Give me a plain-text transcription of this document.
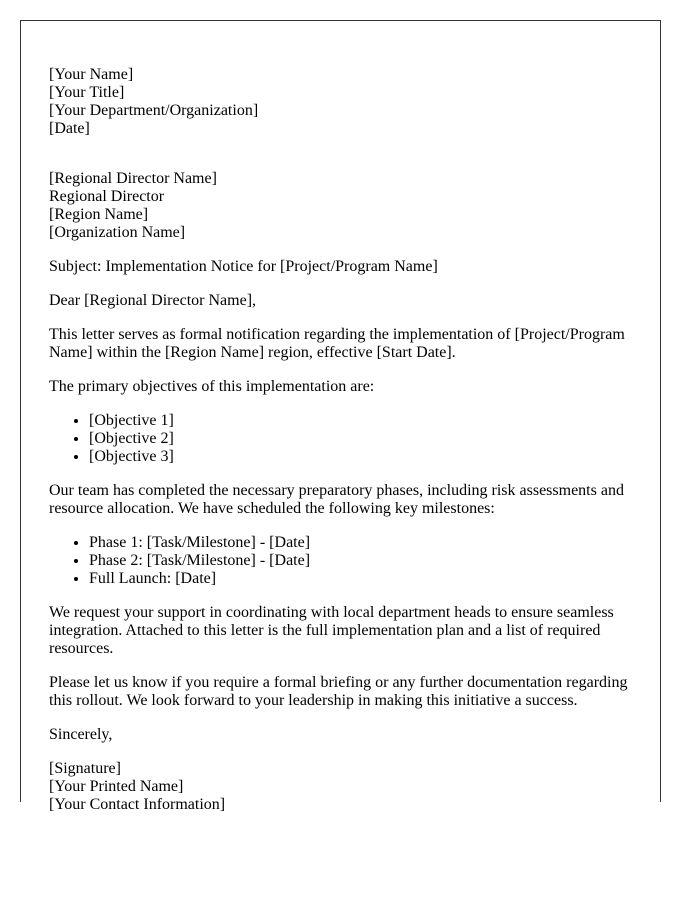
[Your Name]
[Your Title]
[Your Department/Organization]
[Date]

[Regional Director Name]
Regional Director
[Region Name]
[Organization Name]

Subject: Implementation Notice for [Project/Program Name]

Dear [Regional Director Name],

This letter serves as formal notification regarding the implementation of [Project/Program Name] within the [Region Name] region, effective [Start Date].

The primary objectives of this implementation are:

• [Objective 1]
• [Objective 2]
• [Objective 3]

Our team has completed the necessary preparatory phases, including risk assessments and resource allocation. We have scheduled the following key milestones:

• Phase 1: [Task/Milestone] - [Date]
• Phase 2: [Task/Milestone] - [Date]
• Full Launch: [Date]

We request your support in coordinating with local department heads to ensure seamless integration. Attached to this letter is the full implementation plan and a list of required resources.

Please let us know if you require a formal briefing or any further documentation regarding this rollout. We look forward to your leadership in making this initiative a success.

Sincerely,

[Signature]
[Your Printed Name]
[Your Contact Information]
